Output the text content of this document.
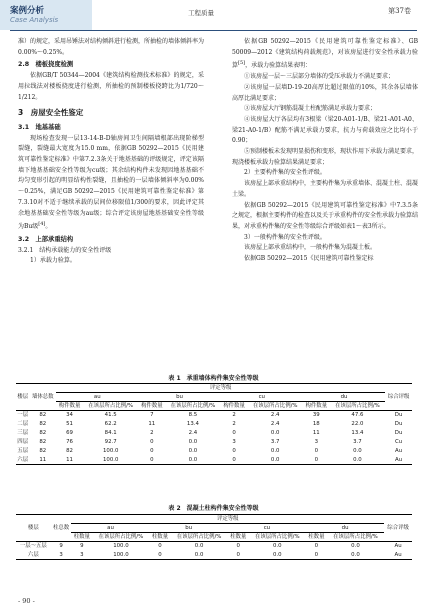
案例分析
Case Analysis
工程质量	第37卷

准）的规定，采用吊锤法对结构倾斜进行检测，所抽检的墙体倾斜率为0.00%～0.25%。

2.8　楼板挠度检测

依据GB/T 50344—2004《建筑结构检测技术标准》的规定，采用拉线法对楼板挠度进行检测，所抽检的预制楼板挠跨比为1/720～1/212。

3　房屋安全性鉴定
3.1　地基基础

现场检查发现一层13-14-B-D轴房间卫生间隔墙根部出现阶梯型裂缝，裂缝最大宽度为15.0 mm，依据GB 50292—2015《民用建筑可靠性鉴定标准》中第7.2.3条关于地基基础的评级规定，评定该隔墙下地基基础安全性等级为cu级；其余结构构件未发现因地基基础不均匀变形引起的明显结构性裂缝，且抽检的一层墙体倾斜率为0.00%～0.25%，满足GB 50292—2015《民用建筑可靠性鉴定标准》第7.3.10对不适于继续承载的层间位移限值1/300的要求，因此评定其余地基基础安全性等级为au级；综合评定该房屋地基基础安全性等级为Bu级[4]。

3.2　上部承重结构
3.2.1　结构承载能力的安全性评级

1）承载力验算。

依据GB 50292—2015《民用建筑可靠性鉴定标准》、GB 50009—2012《建筑结构荷载规范》，对该房屋进行安全性承载力验算[5]，承载力验算结果表明：

①该房屋一层～三层部分墙体的受压承载力不满足要求；

②该房屋一层墙D-19-20高厚比超过限值的10%，其余各层墙体高厚比满足要求；

③该房屋大厅钢筋混凝土柱配筋满足承载力要求；

④该房屋大厅各层均有3根梁（梁20-A01-1/B、梁21-A01-A0、梁21-A0-1/B）配筋不满足承载力要求，抗力与荷载效应之比均小于0.90；

⑤预制楼板未发现明显损伤和变形，现状作用下承载力满足要求，现浇楼板承载力验算结果满足要求；

2）主要构件集的安全性评级。

该房屋上部承重结构中，主要构件集为承重墙体、混凝土柱、混凝土梁。

依据GB 50292—2015《民用建筑可靠性鉴定标准》中7.3.5条之规定，根据主要构件的检查以及关于承重构件的安全性承载力验算结果，对承重构件集的安全性等级综合评级如表1～表3所示。

3）一般构件集的安全性评级。

该房屋上部承重结构中，一般构件集为混凝土板。

依据GB 50292—2015《民用建筑可靠性鉴定标

表 1　承重墙体构件集安全性等级
楼层	墙体总数	评定等级								综合评级
		au		bu		cu		du		
		构件数量	在该层所占比例/%	构件数量	在该层所占比例/%	构件数量	在该层所占比例/%	构件数量	在该层所占比例/%	
一层	82	34	41.5	7	8.5	2	2.4	39	47.6	Du
二层	82	51	62.2	11	13.4	2	2.4	18	22.0	Du
三层	82	69	84.1	2	2.4	0	0.0	11	13.4	Du
四层	82	76	92.7	0	0.0	3	3.7	3	3.7	Cu
五层	82	82	100.0	0	0.0	0	0.0	0	0.0	Au
六层	11	11	100.0	0	0.0	0	0.0	0	0.0	Au
表 2　混凝土柱构件集安全性等级
楼层	柱总数	评定等级								综合评级
		au		bu		cu		du		
		柱数量	在该层所占比例/%	柱数量	在该层所占比例/%	柱数量	在该层所占比例/%	柱数量	在该层所占比例/%	
一层～五层	9	9	100.0	0	0.0	0	0.0	0	0.0	Au
六层	3	3	100.0	0	0.0	0	0.0	0	0.0	Au
- 90 -
